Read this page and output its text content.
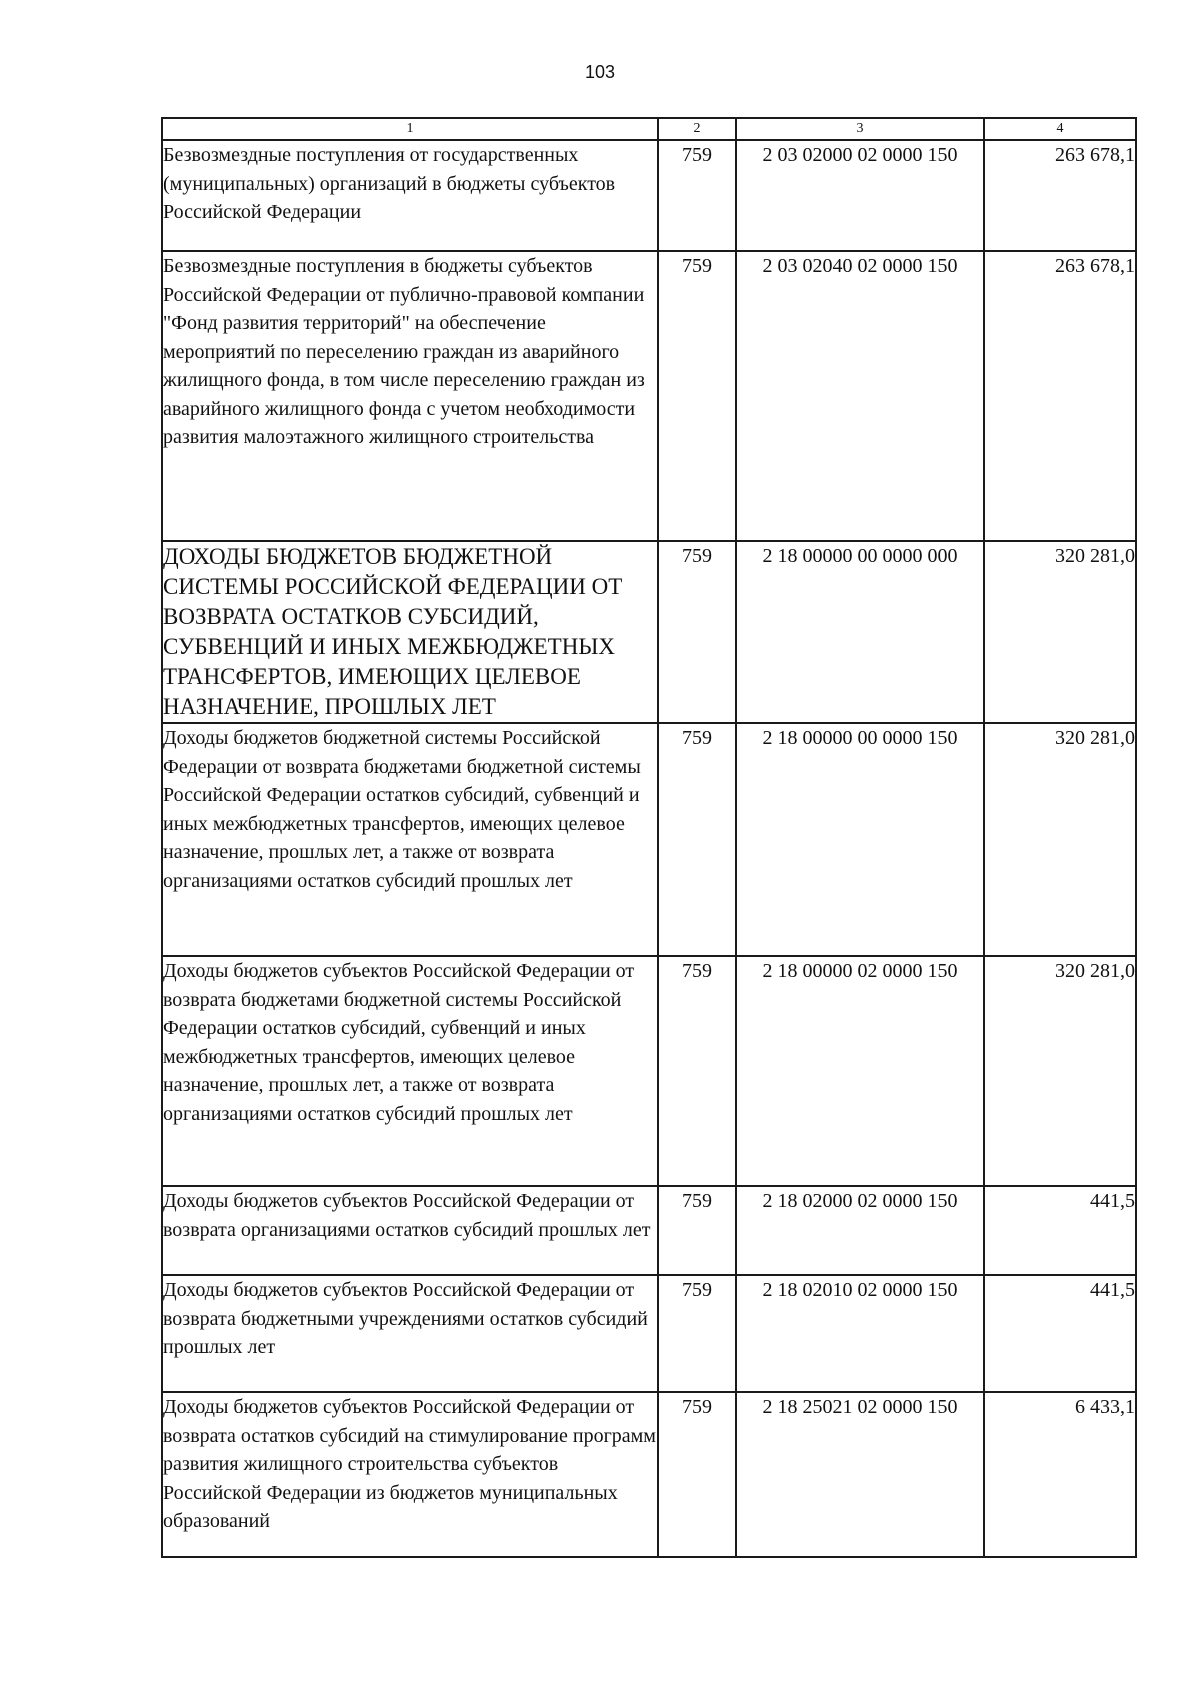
103
1	2	3	4
Безвозмездные поступления от государственных (муниципальных) организаций в бюджеты субъектов Российской Федерации	759	2 03 02000 02 0000 150	263 678,1
Безвозмездные поступления в бюджеты субъектов Российской Федерации от публично-правовой компании "Фонд развития территорий" на обеспечение мероприятий по переселению граждан из аварийного жилищного фонда, в том числе переселению граждан из аварийного жилищного фонда с учетом необходимости развития малоэтажного жилищного строительства	759	2 03 02040 02 0000 150	263 678,1
ДОХОДЫ БЮДЖЕТОВ БЮДЖЕТНОЙ СИСТЕМЫ РОССИЙСКОЙ ФЕДЕРАЦИИ ОТ ВОЗВРАТА ОСТАТКОВ СУБСИДИЙ, СУБВЕНЦИЙ И ИНЫХ МЕЖБЮДЖЕТНЫХ ТРАНСФЕРТОВ, ИМЕЮЩИХ ЦЕЛЕВОЕ НАЗНАЧЕНИЕ, ПРОШЛЫХ ЛЕТ	759	2 18 00000 00 0000 000	320 281,0
Доходы бюджетов бюджетной системы Российской Федерации от возврата бюджетами бюджетной системы Российской Федерации остатков субсидий, субвенций и иных межбюджетных трансфертов, имеющих целевое назначение, прошлых лет, а также от возврата организациями остатков субсидий прошлых лет	759	2 18 00000 00 0000 150	320 281,0
Доходы бюджетов субъектов Российской Федерации от возврата бюджетами бюджетной системы Российской Федерации остатков субсидий, субвенций и иных межбюджетных трансфертов, имеющих целевое назначение, прошлых лет, а также от возврата организациями остатков субсидий прошлых лет	759	2 18 00000 02 0000 150	320 281,0
Доходы бюджетов субъектов Российской Федерации от возврата организациями остатков субсидий прошлых лет	759	2 18 02000 02 0000 150	441,5
Доходы бюджетов субъектов Российской Федерации от возврата бюджетными учреждениями остатков субсидий прошлых лет	759	2 18 02010 02 0000 150	441,5
Доходы бюджетов субъектов Российской Федерации от возврата остатков субсидий на стимулирование программ развития жилищного строительства субъектов Российской Федерации из бюджетов муниципальных образований	759	2 18 25021 02 0000 150	6 433,1
